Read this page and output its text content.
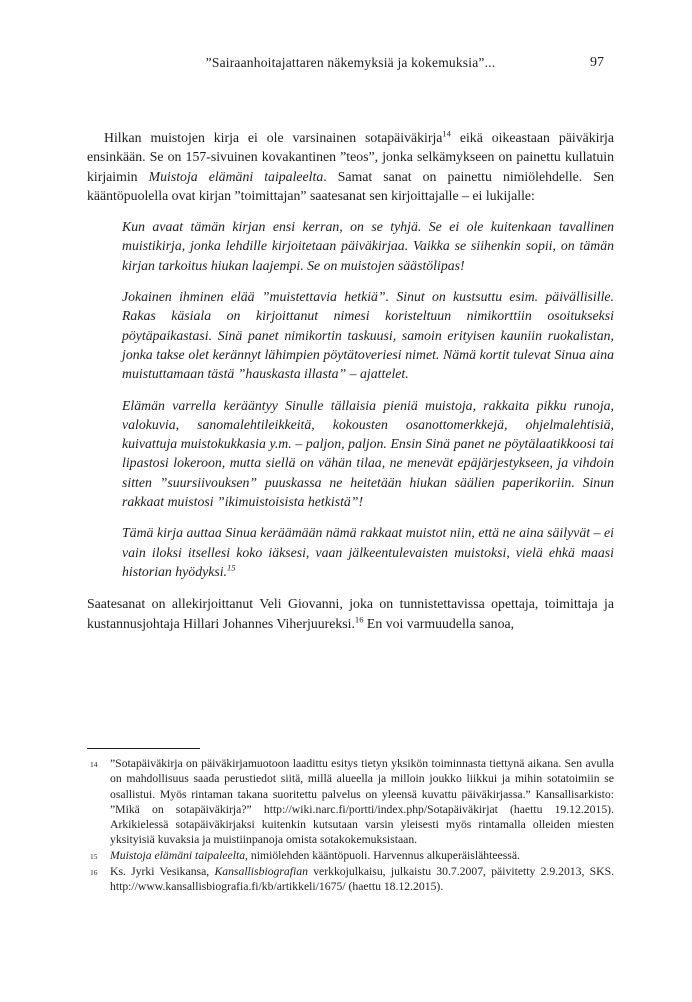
”Sairaanhoitajattaren näkemyksiä ja kokemuksia”...	97

Hilkan muistojen kirja ei ole varsinainen sotapäiväkirja$^{14}$ eikä oikeastaan päiväkirja ensinkään. Se on 157-sivuinen kovakantinen ”teos”, jonka selkämykseen on painettu kullatuin kirjaimin Muistoja elämäni taipaleelta. Samat sanat on painettu nimiölehdelle. Sen kääntöpuolella ovat kirjan ”toimittajan” saatesanat sen kirjoittajalle – ei lukijalle:

Kun avaat tämän kirjan ensi kerran, on se tyhjä. Se ei ole kuitenkaan tavallinen muistikirja, jonka lehdille kirjoitetaan päiväkirjaa. Vaikka se siihenkin sopii, on tämän kirjan tarkoitus hiukan laajempi. Se on muistojen säästölipas!

Jokainen ihminen elää ”muistettavia hetkiä”. Sinut on kustsuttu esim. päivällisille. Rakas käsiala on kirjoittanut nimesi koristeltuun nimikorttiin osoitukseksi pöytäpaikastasi. Sinä panet nimikortin taskuusi, samoin erityisen kauniin ruokalistan, jonka takse olet kerännyt lähimpien pöytätoveriesi nimet. Nämä kortit tulevat Sinua aina muistuttamaan tästä ”hauskasta illasta” – ajattelet.

Elämän varrella kerääntyy Sinulle tällaisia pieniä muistoja, rakkaita pikku runoja, valokuvia, sanomalehtileikkeitä, kokousten osanottomerkkejä, ohjelmalehtisiä, kuivattuja muistokukkasia y.m. – paljon, paljon. Ensin Sinä panet ne pöytälaatikkoosi tai lipastosi lokeroon, mutta siellä on vähän tilaa, ne menevät epäjärjestykseen, ja vihdoin sitten ”suursiivouksen” puuskassa ne heitetään hiukan säälien paperikoriin. Sinun rakkaat muistosi ”ikimuistoisista hetkistä”!

Tämä kirja auttaa Sinua keräämään nämä rakkaat muistot niin, että ne aina säilyvät – ei vain iloksi itsellesi koko iäksesi, vaan jälkeentulevaisten muistoksi, vielä ehkä maasi historian hyödyksi.$^{15}$

Saatesanat on allekirjoittanut Veli Giovanni, joka on tunnistettavissa opettaja, toimittaja ja kustannusjohtaja Hillari Johannes Viherjuureksi.$^{16}$ En voi varmuudella sanoa,

14	”Sotapäiväkirja on päiväkirjamuotoon laadittu esitys tietyn yksikön toiminnasta tiettynä aikana. Sen avulla on mahdollisuus saada perustiedot siitä, millä alueella ja milloin joukko liikkui ja mihin sotatoimiin se osallistui. Myös rintaman takana suoritettu palvelus on yleensä kuvattu päiväkirjassa.” Kansallisarkisto: ”Mikä on sotapäiväkirja?” http://wiki.narc.fi/portti/index.php/Sotapäiväkirjat (haettu 19.12.2015). Arkikielessä sotapäiväkirjaksi kuitenkin kutsutaan varsin yleisesti myös rintamalla olleiden miesten yksityisiä kuvaksia ja muistiinpanoja omista sotakokemuksistaan.
15	Muistoja elämäni taipaleelta, nimiölehden kääntöpuoli. Harvennus alkuperäislähteessä.
16	Ks. Jyrki Vesikansa, Kansallisbiografian verkkojulkaisu, julkaistu 30.7.2007, päivitetty 2.9.2013, SKS. http://www.kansallisbiografia.fi/kb/artikkeli/1675/ (haettu 18.12.2015).
